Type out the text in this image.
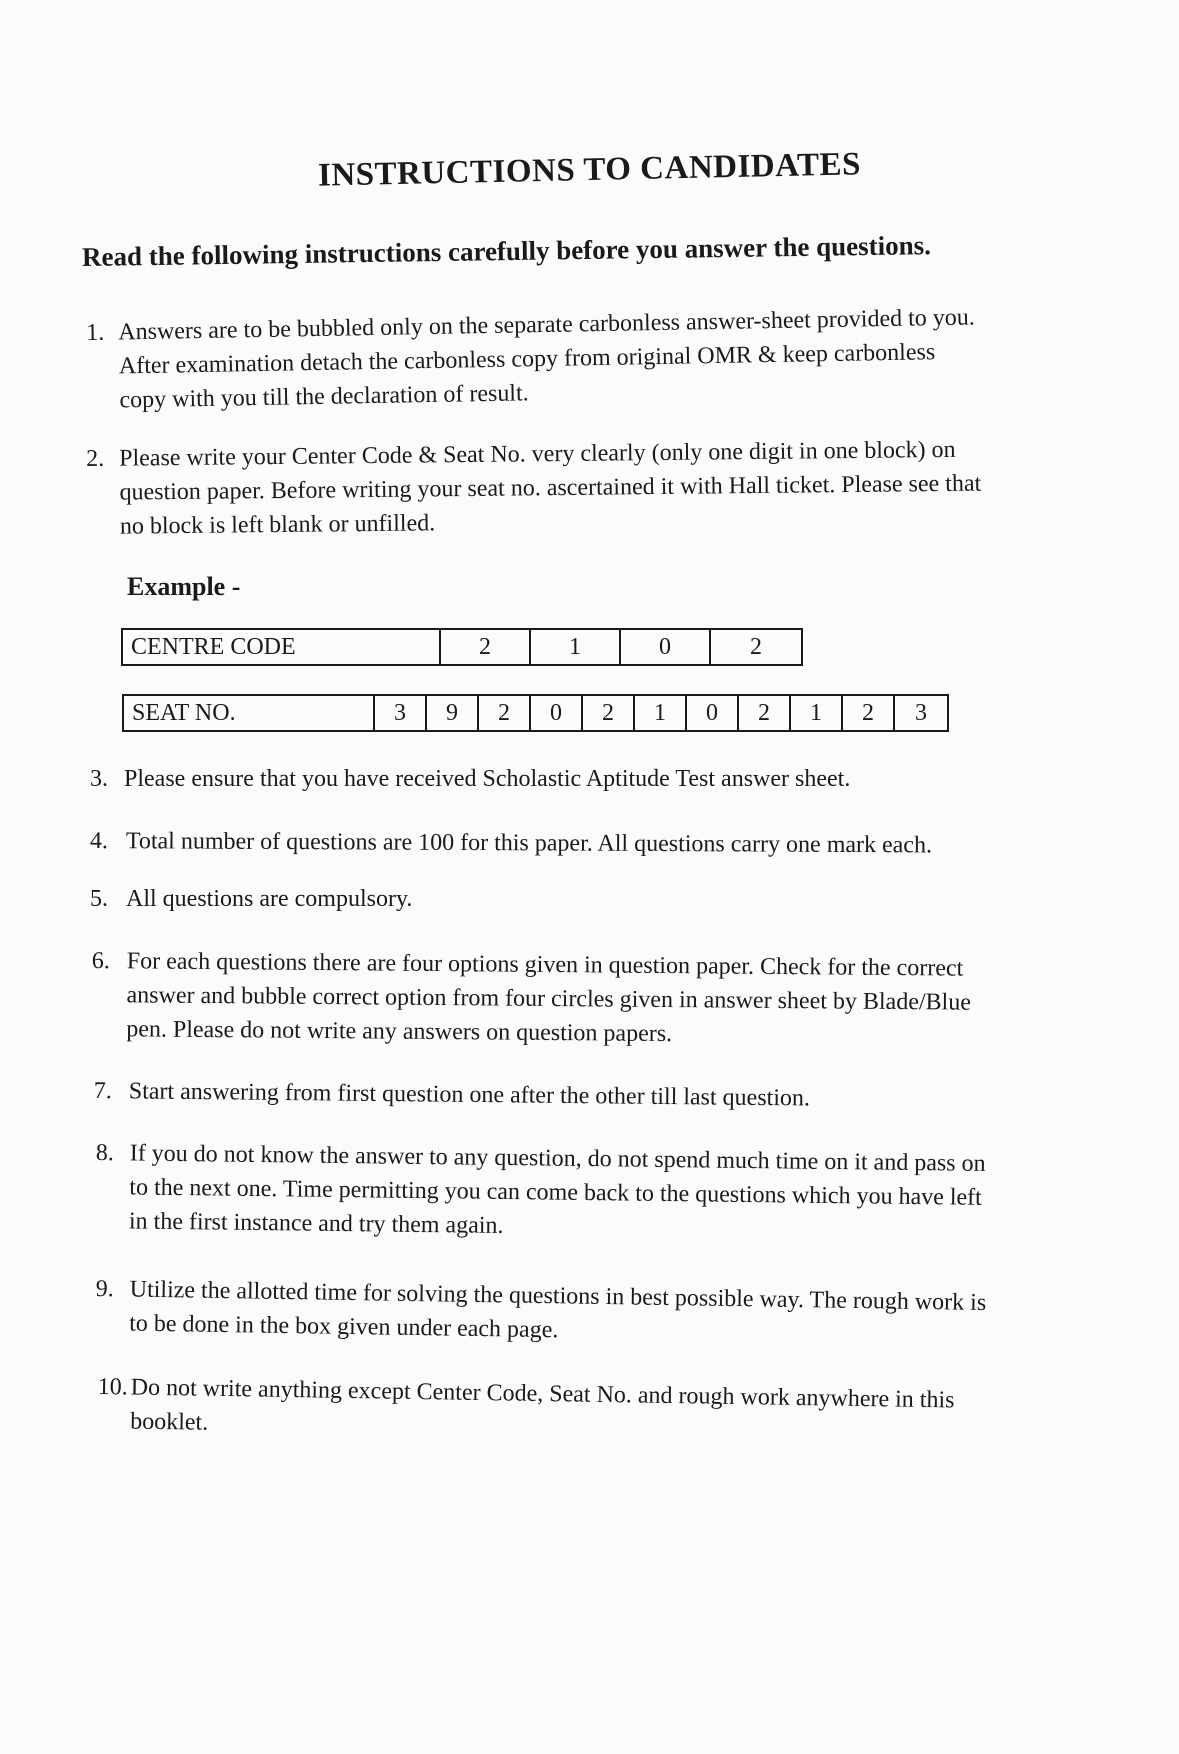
INSTRUCTIONS TO CANDIDATES
Read the following instructions carefully before you answer the questions.
1. Answers are to be bubbled only on the separate carbonless answer-sheet provided to you.
After examination detach the carbonless copy from original OMR & keep carbonless
copy with you till the declaration of result.
2. Please write your Center Code & Seat No. very clearly (only one digit in one block) on
question paper. Before writing your seat no. ascertained it with Hall ticket. Please see that
no block is left blank or unfilled.
Example -
CENTRE CODE	2	1	0	2
SEAT NO.	3	9	2	0	2	1	0	2	1	2	3
3. Please ensure that you have received Scholastic Aptitude Test answer sheet.
4. Total number of questions are 100 for this paper. All questions carry one mark each.
5. All questions are compulsory.
6. For each questions there are four options given in question paper. Check for the correct
answer and bubble correct option from four circles given in answer sheet by Blade/Blue
pen. Please do not write any answers on question papers.
7. Start answering from first question one after the other till last question.
8. If you do not know the answer to any question, do not spend much time on it and pass on
to the next one. Time permitting you can come back to the questions which you have left
in the first instance and try them again.
9. Utilize the allotted time for solving the questions in best possible way. The rough work is
to be done in the box given under each page.
10. Do not write anything except Center Code, Seat No. and rough work anywhere in this
booklet.
